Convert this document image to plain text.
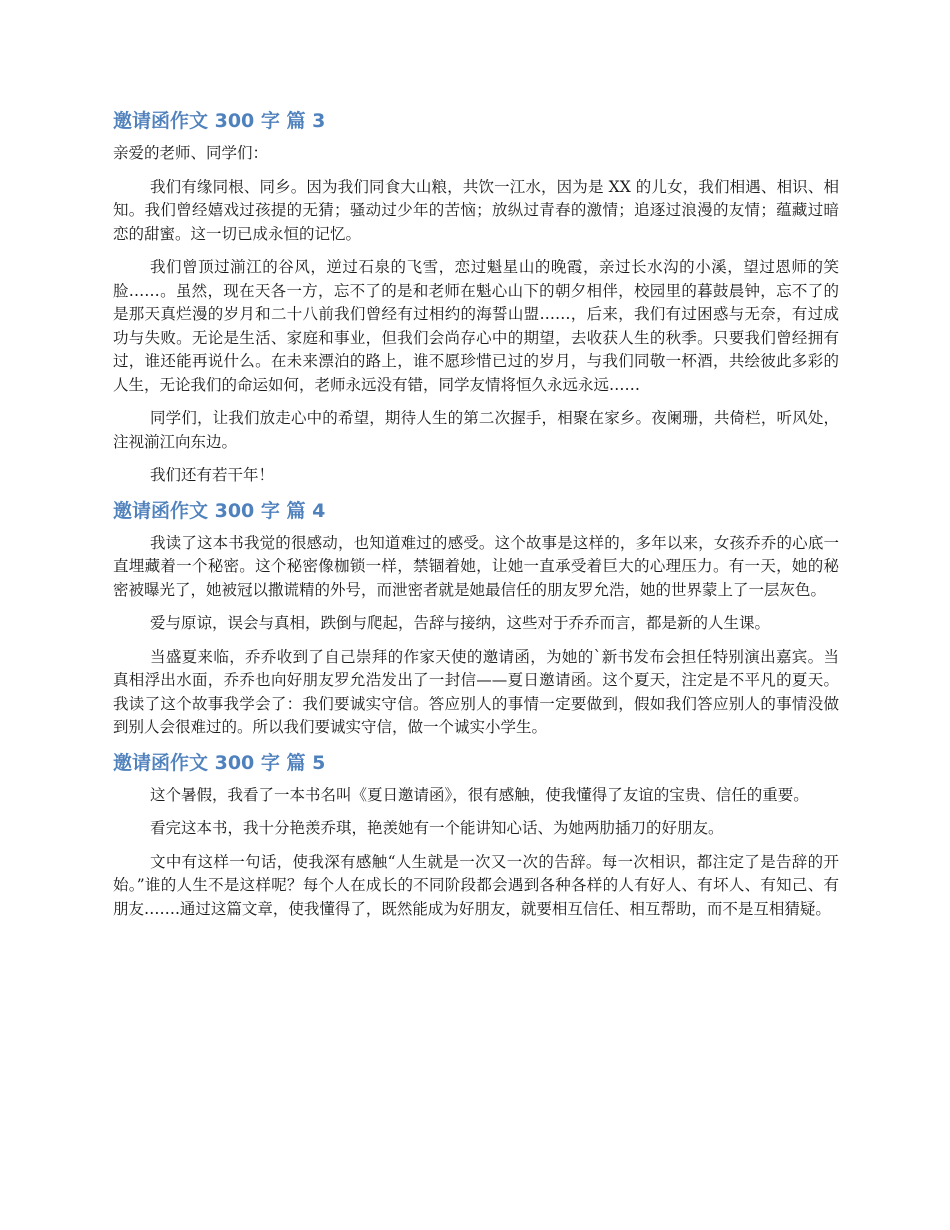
邀请函作文 300 字 篇 3

亲爱的老师、同学们：

我们有缘同根、同乡。因为我们同食大山粮，共饮一江水，因为是 XX 的儿女，我们相遇、相识、相知。我们曾经嬉戏过孩提的无猜；骚动过少年的苦恼；放纵过青春的激情；追逐过浪漫的友情；蕴藏过暗恋的甜蜜。这一切已成永恒的记忆。

我们曾顶过湔江的谷风，逆过石泉的飞雪，恋过魁星山的晚霞，亲过长水沟的小溪，望过恩师的笑脸……。虽然，现在天各一方，忘不了的是和老师在魁心山下的朝夕相伴，校园里的暮鼓晨钟，忘不了的是那天真烂漫的岁月和二十八前我们曾经有过相约的海誓山盟……，后来，我们有过困惑与无奈，有过成功与失败。无论是生活、家庭和事业，但我们会尚存心中的期望，去收获人生的秋季。只要我们曾经拥有过，谁还能再说什么。在未来漂泊的路上，谁不愿珍惜已过的岁月，与我们同敬一杯酒，共绘彼此多彩的人生，无论我们的命运如何，老师永远没有错，同学友情将恒久永远永远……

同学们，让我们放走心中的希望，期待人生的第二次握手，相聚在家乡。夜阑珊，共倚栏，听风处，注视湔江向东边。

我们还有若干年！

邀请函作文 300 字 篇 4

我读了这本书我觉的很感动，也知道难过的感受。这个故事是这样的，多年以来，女孩乔乔的心底一直埋藏着一个秘密。这个秘密像枷锁一样，禁锢着她，让她一直承受着巨大的心理压力。有一天，她的秘密被曝光了，她被冠以撒谎精的外号，而泄密者就是她最信任的朋友罗允浩，她的世界蒙上了一层灰色。

爱与原谅，误会与真相，跌倒与爬起，告辞与接纳，这些对于乔乔而言，都是新的人生课。

当盛夏来临，乔乔收到了自己崇拜的作家天使的邀请函，为她的`新书发布会担任特别演出嘉宾。当真相浮出水面，乔乔也向好朋友罗允浩发出了一封信——夏日邀请函。这个夏天，注定是不平凡的夏天。我读了这个故事我学会了：我们要诚实守信。答应别人的事情一定要做到，假如我们答应别人的事情没做到别人会很难过的。所以我们要诚实守信，做一个诚实小学生。

邀请函作文 300 字 篇 5

这个暑假，我看了一本书名叫《夏日邀请函》，很有感触，使我懂得了友谊的宝贵、信任的重要。

看完这本书，我十分艳羡乔琪，艳羡她有一个能讲知心话、为她两肋插刀的好朋友。

文中有这样一句话，使我深有感触“人生就是一次又一次的告辞。每一次相识，都注定了是告辞的开始。”谁的人生不是这样呢？每个人在成长的不同阶段都会遇到各种各样的人有好人、有坏人、有知己、有朋友…….通过这篇文章，使我懂得了，既然能成为好朋友，就要相互信任、相互帮助，而不是互相猜疑。
